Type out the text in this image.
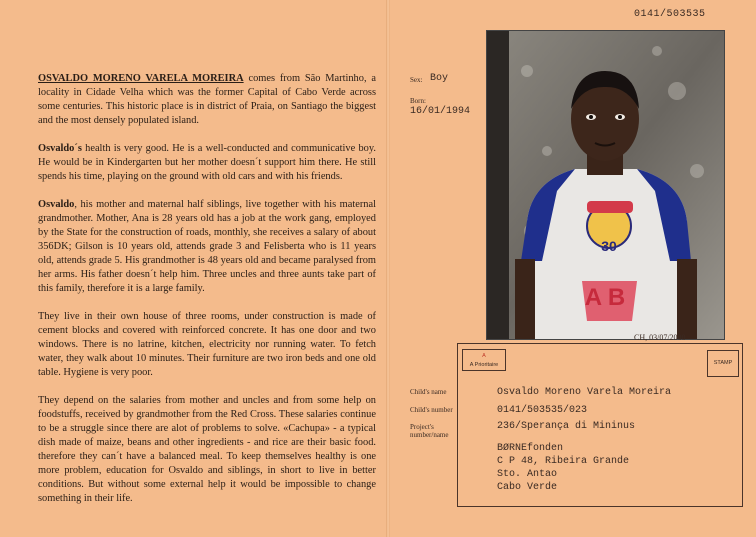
OSVALDO MORENO VARELA MOREIRA comes from São Martinho, a locality in Cidade Velha which was the former Capital of Cabo Verde across some centuries. This historic place is in district of Praia, on Santiago the biggest and the most densely populated island.

Osvaldo´s health is very good. He is a well-conducted and communicative boy. He would be in Kindergarten but her mother doesn´t support him there. He still spends his time, playing on the ground with old cars and with his friends.

Osvaldo, his mother and maternal half siblings, live together with his maternal grandmother. Mother, Ana is 28 years old has a job at the work gang, employed by the State for the construction of roads, monthly, she receives a salary of about 356DK; Gilson is 10 years old, attends grade 3 and Felisberta who is 11 years old, attends grade 5. His grandmother is 48 years old and became paralysed from her arms. His father doesn´t help him. Three uncles and three aunts take part of this family, therefore it is a large family.

They live in their own house of three rooms, under construction is made of cement blocks and covered with reinforced concrete. It has one door and two windows. There is no latrine, kitchen, electricity nor running water. To fetch water, they walk about 10 minutes. Their furniture are two iron beds and one old table. Hygiene is very poor.

They depend on the salaries from mother and uncles and from some help on foodstuffs, received by grandmother from the Red Cross. These salaries continue to be a struggle since there are alot of problems to solve. «Cachupa» - a typical dish made of maize, beans and other ingredients - and rice are their basic food. therefore they can´t have a balanced meal. To keep themselves healthy is one more problem, education for Osvaldo and siblings, in short to live in better conditions. But without some external help it would be impossible to change something in their life.

0141/503535
Sex: Boy
Born:
16/01/1994
30
A B
CH, 03/07/2000
A
A Prioritaire	STAMP
Child's name	Osvaldo Moreno Varela Moreira
Child's number	0141/503535/023
Project's number/name
236/Sperança di Mininus
BØRNEfonden
C P 48, Ribeira Grande
Sto. Antao
Cabo Verde
